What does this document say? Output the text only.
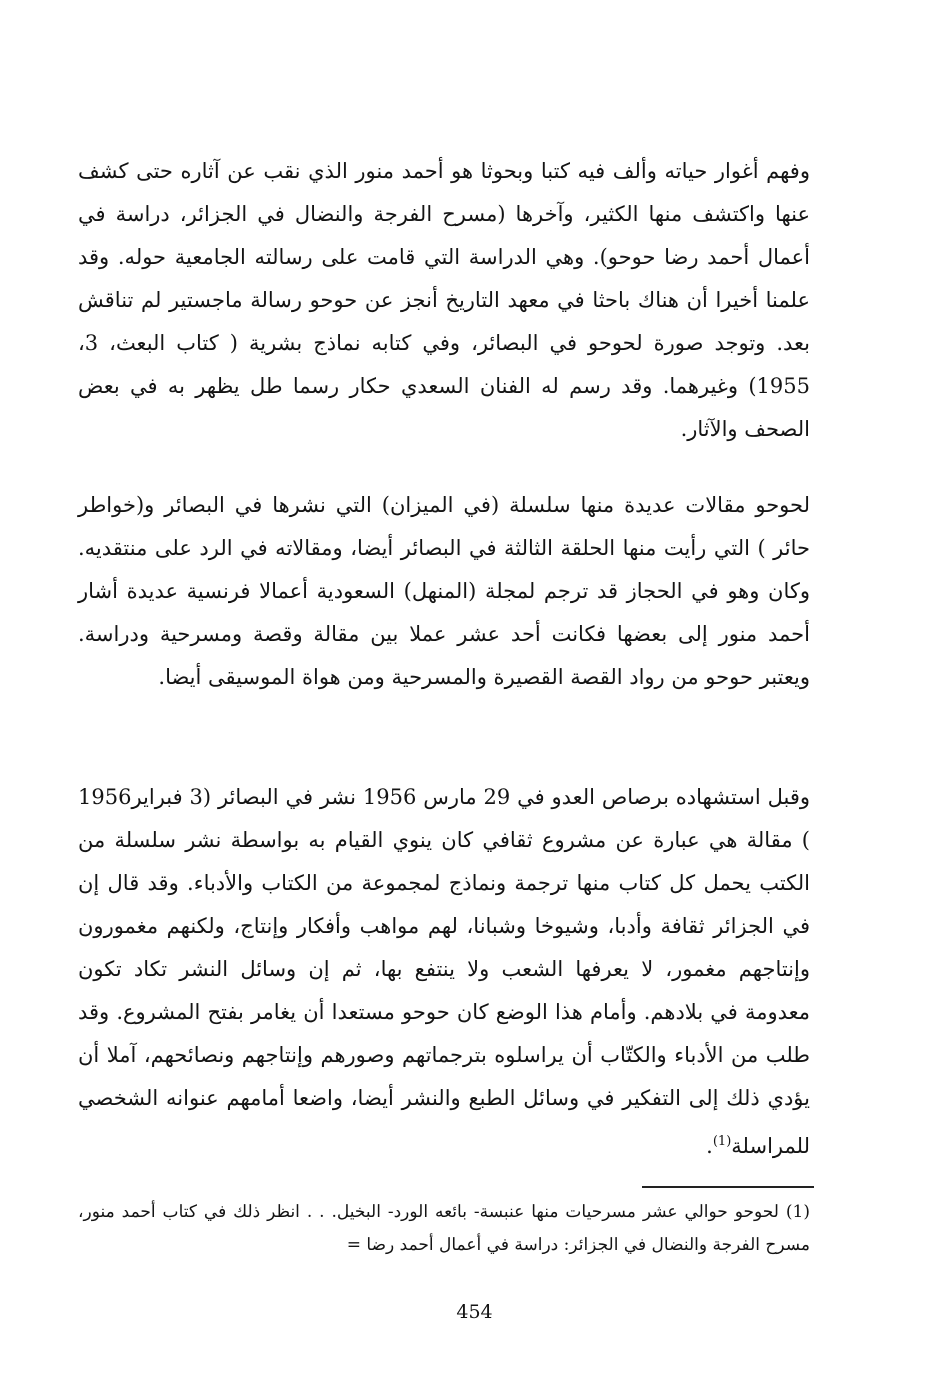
وفهم أغوار حياته وألف فيه كتبا وبحوثا هو أحمد منور الذي نقب عن آثاره حتى كشف عنها واكتشف منها الكثير، وآخرها (مسرح الفرجة والنضال في الجزائر، دراسة في أعمال أحمد رضا حوحو). وهي الدراسة التي قامت على رسالته الجامعية حوله. وقد علمنا أخيرا أن هناك باحثا في معهد التاريخ أنجز عن حوحو رسالة ماجستير لم تناقش بعد. وتوجد صورة لحوحو في البصائر، وفي كتابه نماذج بشرية ( كتاب البعث، 3، 1955) وغيرهما. وقد رسم له الفنان السعدي حكار رسما طل يظهر به في بعض الصحف والآثار.

لحوحو مقالات عديدة منها سلسلة (في الميزان) التي نشرها في البصائر و(خواطر حائر ) التي رأيت منها الحلقة الثالثة في البصائر أيضا، ومقالاته في الرد على منتقديه. وكان وهو في الحجاز قد ترجم لمجلة (المنهل) السعودية أعمالا فرنسية عديدة أشار أحمد منور إلى بعضها فكانت أحد عشر عملا بين مقالة وقصة ومسرحية ودراسة. ويعتبر حوحو من رواد القصة القصيرة والمسرحية ومن هواة الموسيقى أيضا.

وقبل استشهاده برصاص العدو في 29 مارس 1956 نشر في البصائر (3 فبراير1956 ) مقالة هي عبارة عن مشروع ثقافي كان ينوي القيام به بواسطة نشر سلسلة من الكتب يحمل كل كتاب منها ترجمة ونماذج لمجموعة من الكتاب والأدباء. وقد قال إن في الجزائر ثقافة وأدبا، وشيوخا وشبانا، لهم مواهب وأفكار وإنتاج، ولكنهم مغمورون وإنتاجهم مغمور، لا يعرفها الشعب ولا ينتفع بها، ثم إن وسائل النشر تكاد تكون معدومة في بلادهم. وأمام هذا الوضع كان حوحو مستعدا أن يغامر بفتح المشروع. وقد طلب من الأدباء والكتّاب أن يراسلوه بترجماتهم وصورهم وإنتاجهم ونصائحهم، آملا أن يؤدي ذلك إلى التفكير في وسائل الطبع والنشر أيضا، واضعا أمامهم عنوانه الشخصي للمراسلة$^{(1)}$.

(1) لحوحو حوالي عشر مسرحيات منها عنبسة- بائعه الورد- البخيل. . . انظر ذلك في كتاب أحمد منور، مسرح الفرجة والنضال في الجزائر: دراسة في أعمال أحمد رضا =

454
